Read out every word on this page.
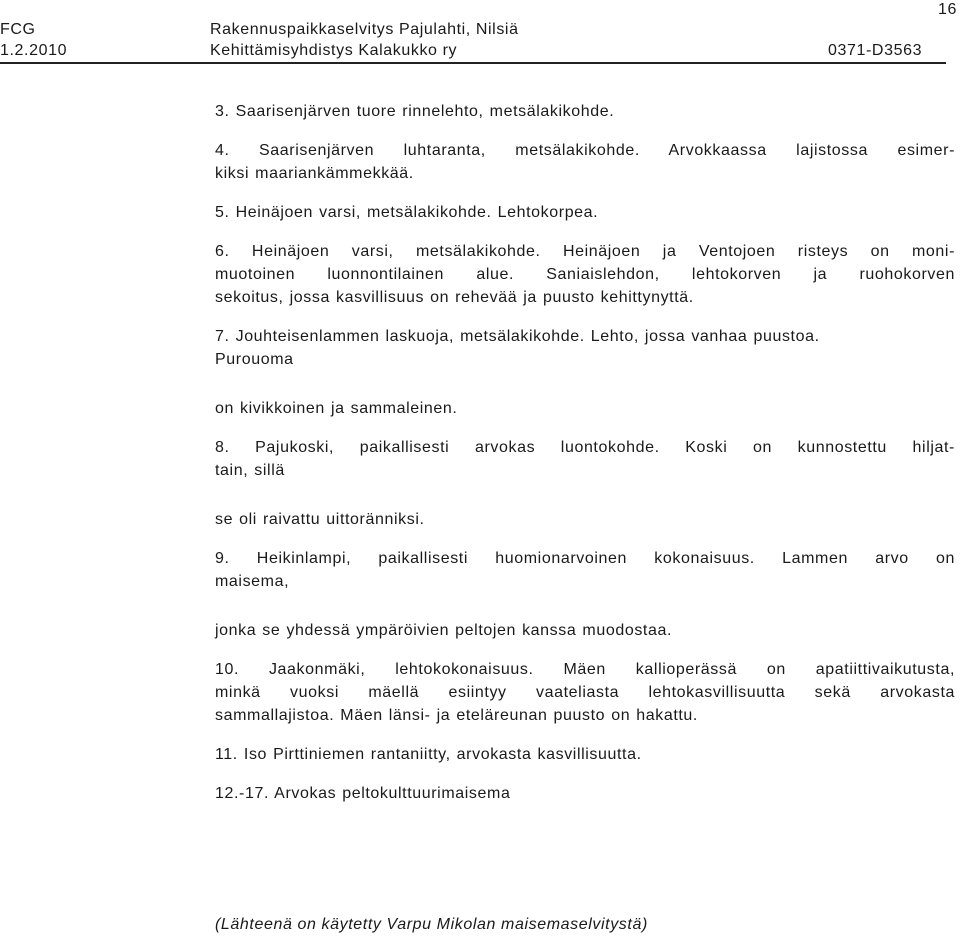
16
FCG
1.2.2010
Rakennuspaikkaselvitys Pajulahti, Nilsiä
Kehittämisyhdistys Kalakukko ry	0371-D3563
3. Saarisenjärven tuore rinnelehto, metsälakikohde.
4. Saarisenjärven luhtaranta, metsälakikohde. Arvokkaassa lajistossa esimer-
kiksi maariankämmekkää.
5. Heinäjoen varsi, metsälakikohde. Lehtokorpea.
6. Heinäjoen varsi, metsälakikohde. Heinäjoen ja Ventojoen risteys on moni-
muotoinen luonnontilainen alue. Saniaislehdon, lehtokorven ja ruohokorven
sekoitus, jossa kasvillisuus on rehevää ja puusto kehittynyttä.
7. Jouhteisenlammen laskuoja, metsälakikohde. Lehto, jossa vanhaa puustoa.
Purouoma
on kivikkoinen ja sammaleinen.
8. Pajukoski, paikallisesti arvokas luontokohde. Koski on kunnostettu hiljat-
tain, sillä
se oli raivattu uittoränniksi.
9. Heikinlampi, paikallisesti huomionarvoinen kokonaisuus. Lammen arvo on
maisema,
jonka se yhdessä ympäröivien peltojen kanssa muodostaa.
10. Jaakonmäki, lehtokokonaisuus. Mäen kallioperässä on apatiittivaikutusta,
minkä vuoksi mäellä esiintyy vaateliasta lehtokasvillisuutta sekä arvokasta
sammallajistoa. Mäen länsi- ja eteläreunan puusto on hakattu.
11. Iso Pirttiniemen rantaniitty, arvokasta kasvillisuutta.
12.-17. Arvokas peltokulttuurimaisema
(Lähteenä on käytetty Varpu Mikolan maisemaselvitystä)
